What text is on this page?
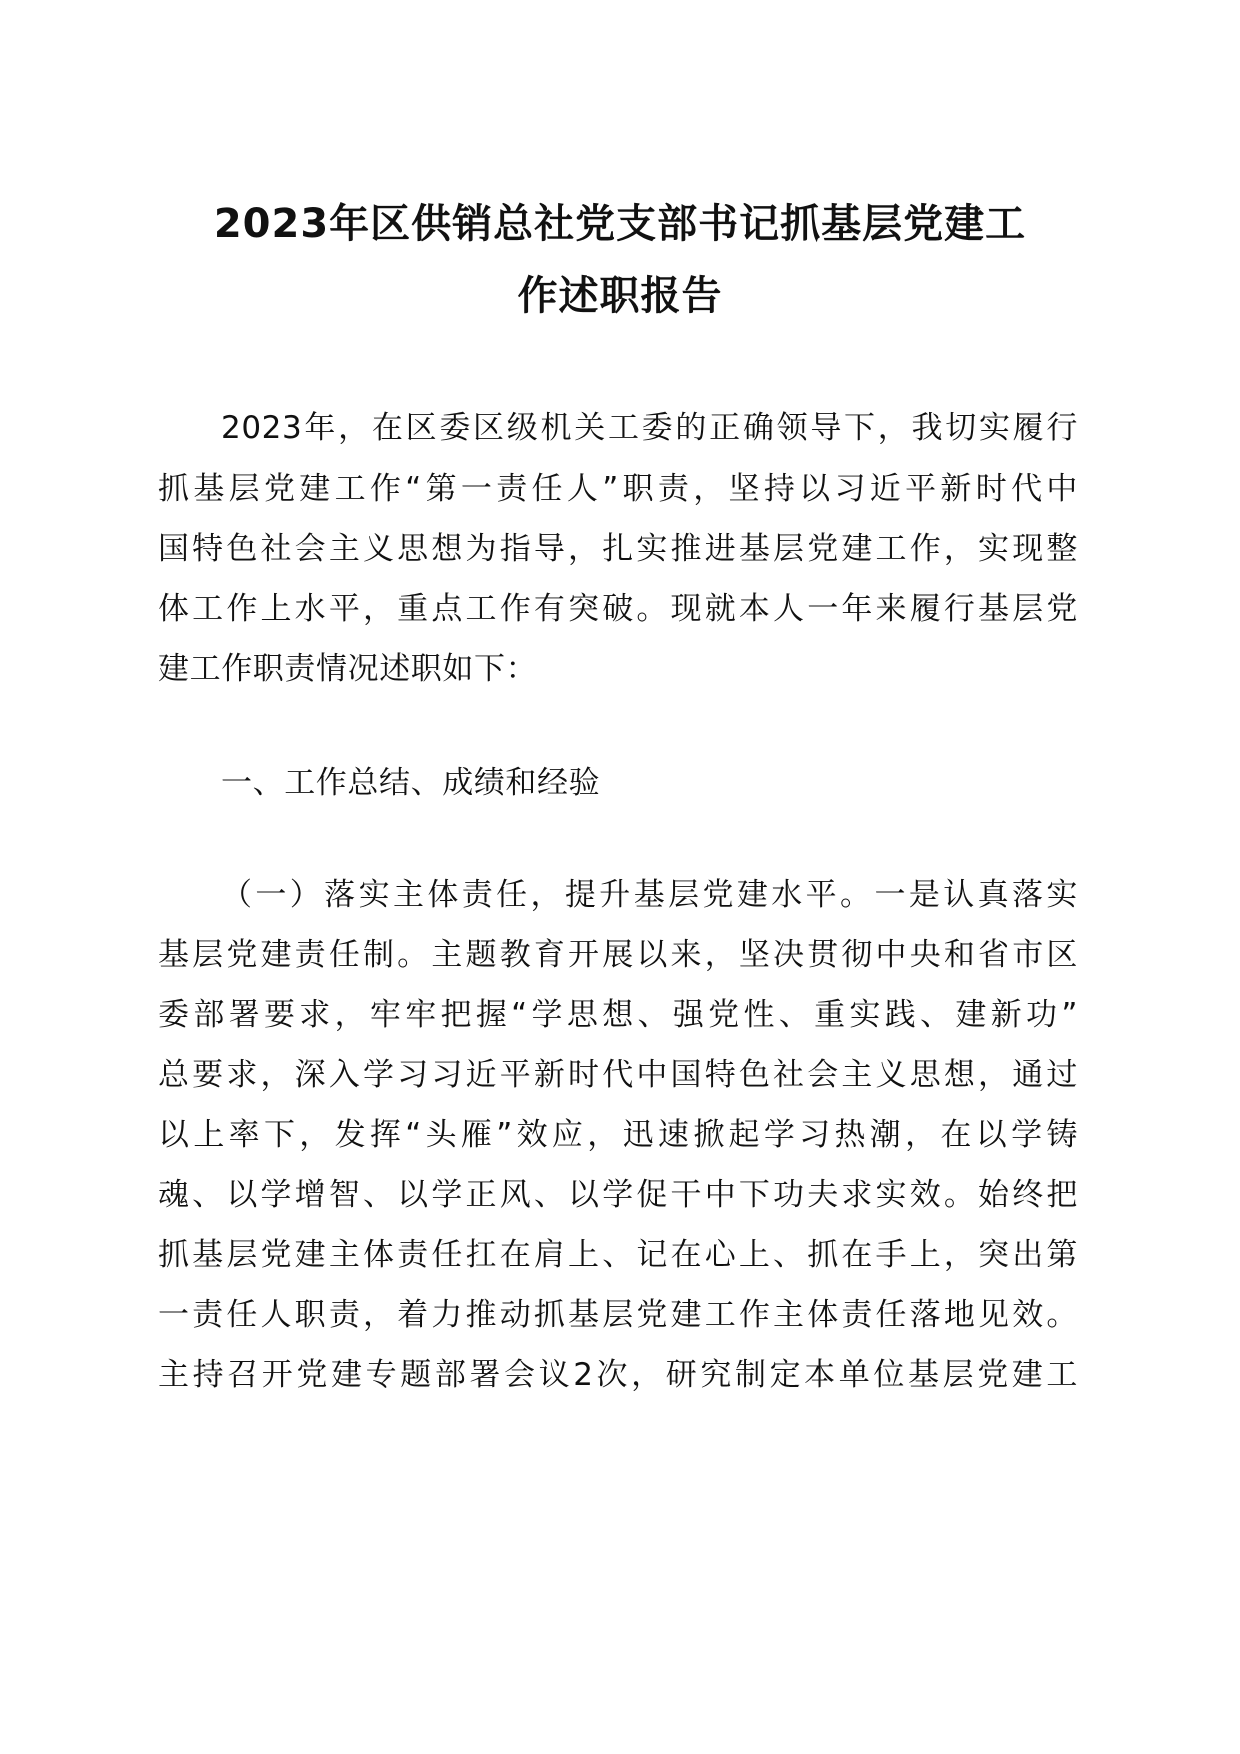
2023年区供销总社党支部书记抓基层党建工
作述职报告
2023年，在区委区级机关工委的正确领导下，我切实履行
抓基层党建工作“第一责任人”职责，坚持以习近平新时代中
国特色社会主义思想为指导，扎实推进基层党建工作，实现整
体工作上水平，重点工作有突破。现就本人一年来履行基层党
建工作职责情况述职如下：
一、工作总结、成绩和经验
（一）落实主体责任，提升基层党建水平。一是认真落实
基层党建责任制。主题教育开展以来，坚决贯彻中央和省市区
委部署要求，牢牢把握“学思想、强党性、重实践、建新功”
总要求，深入学习习近平新时代中国特色社会主义思想，通过
以上率下，发挥“头雁”效应，迅速掀起学习热潮，在以学铸
魂、以学增智、以学正风、以学促干中下功夫求实效。始终把
抓基层党建主体责任扛在肩上、记在心上、抓在手上，突出第
一责任人职责，着力推动抓基层党建工作主体责任落地见效。
主持召开党建专题部署会议2次，研究制定本单位基层党建工
